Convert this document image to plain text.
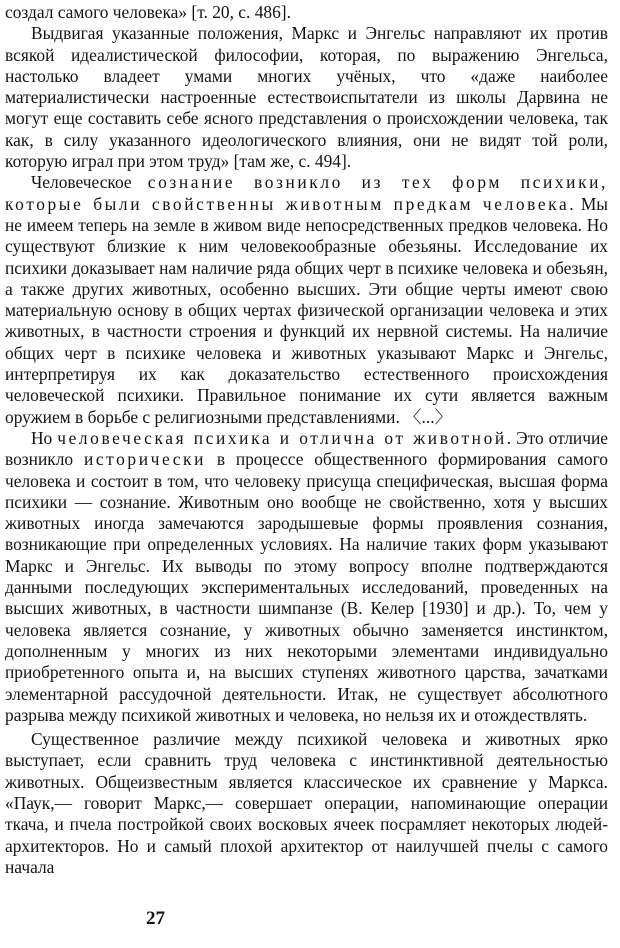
создал самого человека» [т. 20, с. 486].

Выдвигая указанные положения, Маркс и Энгельс направляют их против всякой идеалистической философии, которая, по выражению Энгельса, настолько владеет умами многих учёных, что «даже наиболее материалистически настроенные естествоиспытатели из школы Дарвина не могут еще составить себе ясного представления о происхождении человека, так как, в силу указанного идеологического влияния, они не видят той роли, которую играл при этом труд» [там же, с. 494].

Человеческое сознание возникло из тех форм психики, которые были свойственны животным предкам человека. Мы не имеем теперь на земле в живом виде непосредственных предков человека. Но существуют близкие к ним человекообразные обезьяны. Исследование их психики доказывает нам наличие ряда общих черт в психике человека и обезьян, а также других животных, особенно высших. Эти общие черты имеют свою материальную основу в общих чертах физической организации человека и этих животных, в частности строения и функций их нервной системы. На наличие общих черт в психике человека и животных указывают Маркс и Энгельс, интерпретируя их как доказательство естественного происхождения человеческой психики. Правильное понимание их сути является важным оружием в борьбе с религиозными представлениями. 〈...〉

Но человеческая психика и отлична от животной. Это отличие возникло исторически в процессе общественного формирования самого человека и состоит в том, что человеку присуща специфическая, высшая форма психики — сознание. Животным оно вообще не свойственно, хотя у высших животных иногда замечаются зародышевые формы проявления сознания, возникающие при определенных условиях. На наличие таких форм указывают Маркс и Энгельс. Их выводы по этому вопросу вполне подтверждаются данными последующих экспериментальных исследований, проведенных на высших животных, в частности шимпанзе (В. Келер [1930] и др.). То, чем у человека является сознание, у животных обычно заменяется инстинктом, дополненным у многих из них некоторыми элементами индивидуально приобретенного опыта и, на высших ступенях животного царства, зачатками элементарной рассудочной деятельности. Итак, не существует абсолютного разрыва между психикой животных и человека, но нельзя их и отождествлять.

Существенное различие между психикой человека и животных ярко выступает, если сравнить труд человека с инстинктивной деятельностью животных. Общеизвестным является классическое их сравнение у Маркса. «Паук,— говорит Маркс,— совершает операции, напоминающие операции ткача, и пчела постройкой своих восковых ячеек посрамляет некоторых людей-архитекторов. Но и самый плохой архитектор от наилучшей пчелы с самого начала

27
